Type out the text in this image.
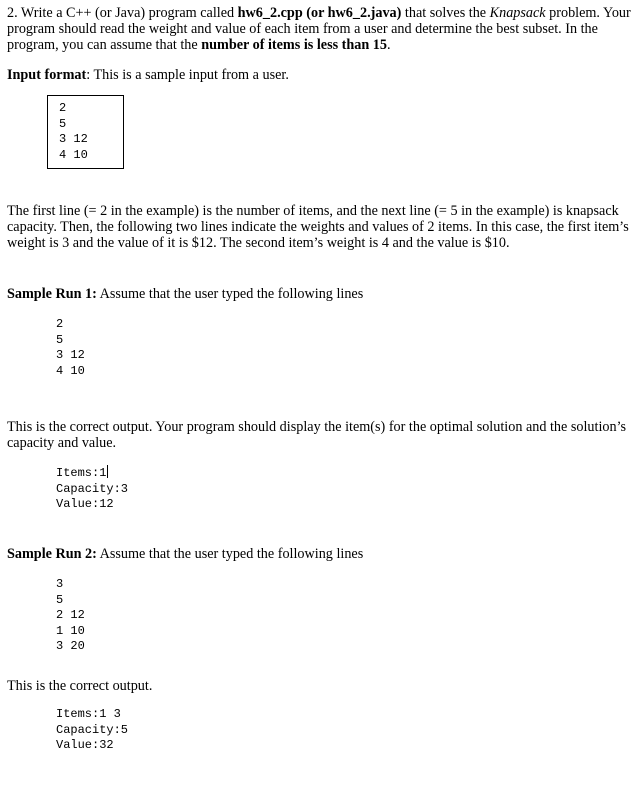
2. Write a C++ (or Java) program called hw6_2.cpp (or hw6_2.java) that solves the Knapsack problem. Your program should read the weight and value of each item from a user and determine the best subset. In the program, you can assume that the number of items is less than 15.

Input format: This is a sample input from a user.

2
5
3 12
4 10

The first line (= 2 in the example) is the number of items, and the next line (= 5 in the example) is knapsack capacity. Then, the following two lines indicate the weights and values of 2 items. In this case, the first item’s weight is 3 and the value of it is $12. The second item’s weight is 4 and the value is $10.

Sample Run 1: Assume that the user typed the following lines

2
5
3 12
4 10

This is the correct output. Your program should display the item(s) for the optimal solution and the solution’s capacity and value.

Items:1
Capacity:3
Value:12

Sample Run 2: Assume that the user typed the following lines

3
5
2 12
1 10
3 20

This is the correct output.

Items:1 3
Capacity:5
Value:32
